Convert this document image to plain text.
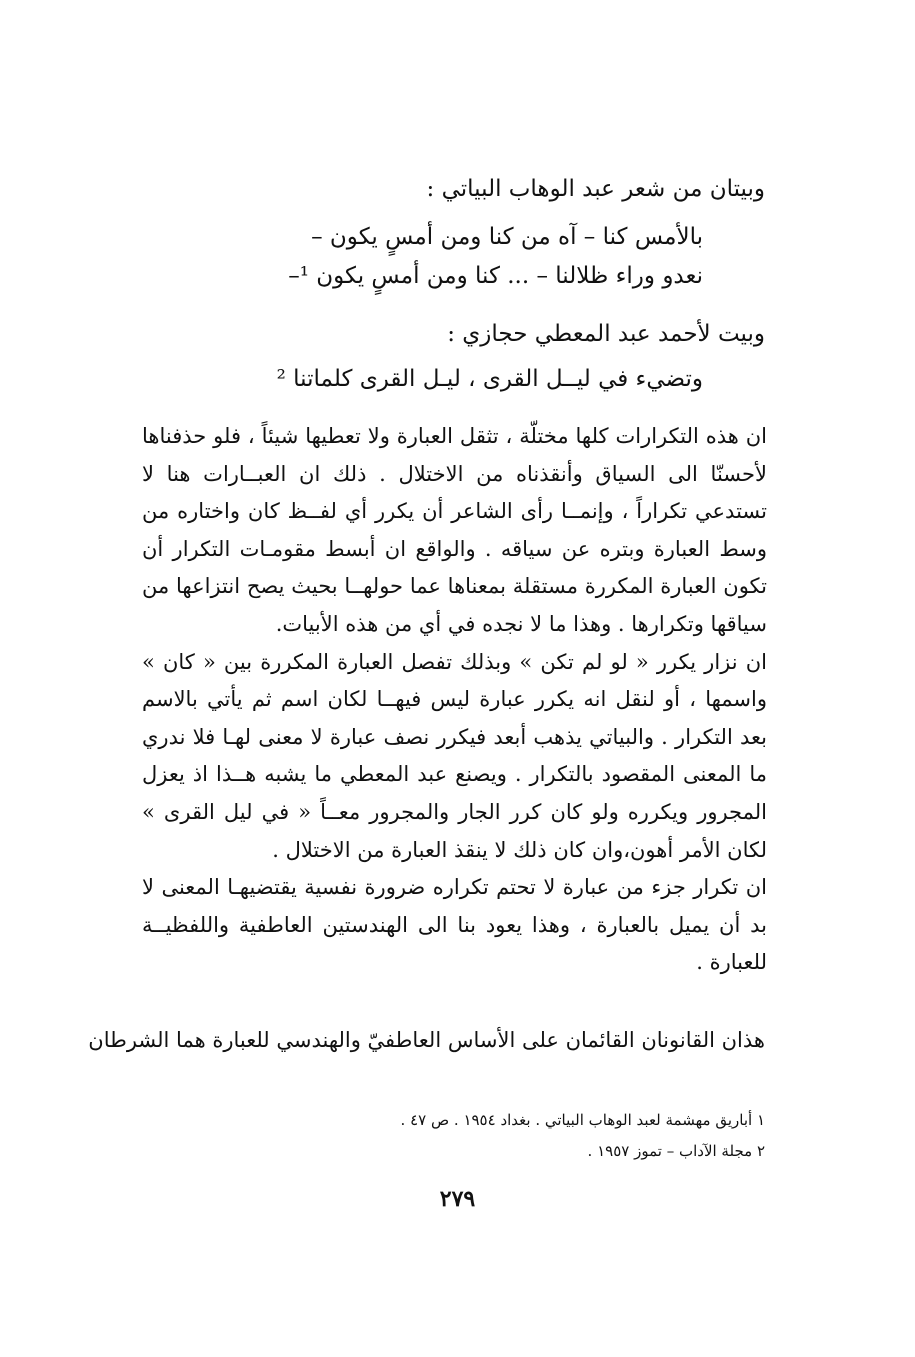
وبيتان من شعر عبد الوهاب البياتي :
بالأمس كنا – آه من كنا ومن أمسٍ يكون –
نعدو وراء ظلالنا – ... كنا ومن أمسٍ يكون ¹–
وبيت لأحمد عبد المعطي حجازي :
وتضيء في ليــل القرى ، ليـل القرى كلماتنا ²

ان هذه التكرارات كلها مختلّة ، تثقل العبارة ولا تعطيها شيئاً ، فلو حذفناها لأحسنّا الى السياق وأنقذناه من الاختلال . ذلك ان العبــارات هنا لا تستدعي تكراراً ، وإنمــا رأى الشاعر أن يكرر أي لفــظ كان واختاره من وسط العبارة وبتره عن سياقه . والواقع ان أبسط مقومـات التكرار أن تكون العبارة المكررة مستقلة بمعناها عما حولهــا بحيث يصح انتزاعها من سياقها وتكرارها . وهذا ما لا نجده في أي من هذه الأبيات.

ان نزار يكرر « لو لم تكن » وبذلك تفصل العبارة المكررة بين « كان » واسمها ، أو لنقل انه يكرر عبارة ليس فيهــا لكان اسم ثم يأتي بالاسم بعد التكرار . والبياتي يذهب أبعد فيكرر نصف عبارة لا معنى لهـا فلا ندري ما المعنى المقصود بالتكرار . ويصنع عبد المعطي ما يشبه هــذا اذ يعزل المجرور ويكرره ولو كان كرر الجار والمجرور معــاً « في ليل القرى » لكان الأمر أهون،وان كان ذلك لا ينقذ العبارة من الاختلال .

ان تكرار جزء من عبارة لا تحتم تكراره ضرورة نفسية يقتضيهـا المعنى لا بد أن يميل بالعبارة ، وهذا يعود بنا الى الهندستين العاطفية واللفظيــة للعبارة .

هذان القانونان القائمان على الأساس العاطفيّ والهندسي للعبارة هما الشرطان
١ أباريق مهشمة لعبد الوهاب البياتي . بغداد ١٩٥٤ . ص ٤٧ .
٢ مجلة الآداب – تموز ١٩٥٧ .
٢٧٩
